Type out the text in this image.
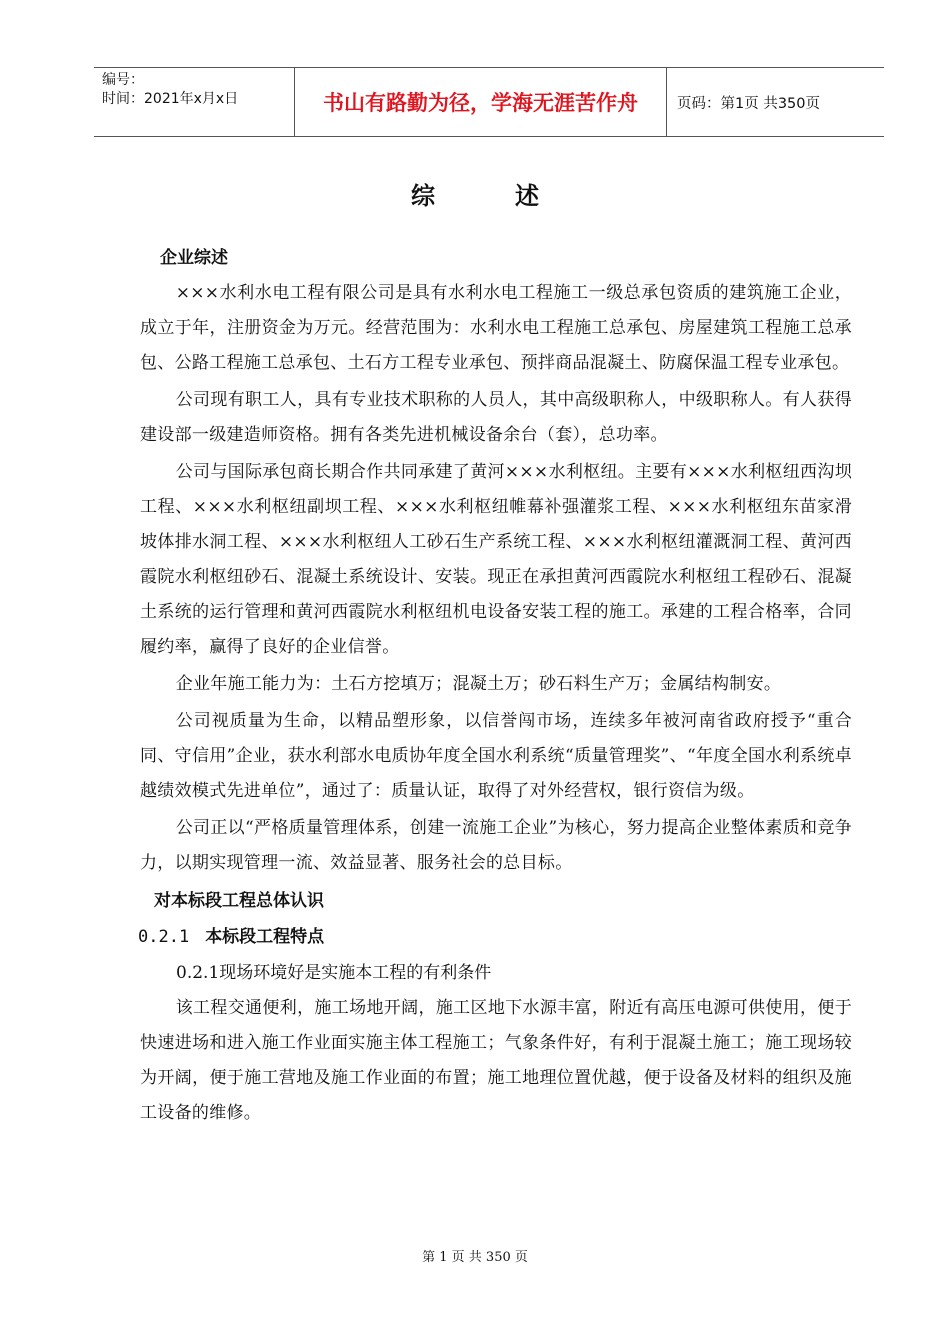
编号：
时间：2021年x月x日	书山有路勤为径，学海无涯苦作舟	页码：第1页 共350页
综述
企业综述

×××水利水电工程有限公司是具有水利水电工程施工一级总承包资质的建筑施工企业，成立于年，注册资金为万元。经营范围为：水利水电工程施工总承包、房屋建筑工程施工总承包、公路工程施工总承包、土石方工程专业承包、预拌商品混凝土、防腐保温工程专业承包。

公司现有职工人，具有专业技术职称的人员人，其中高级职称人，中级职称人。有人获得建设部一级建造师资格。拥有各类先进机械设备余台（套），总功率。

公司与国际承包商长期合作共同承建了黄河×××水利枢纽。主要有×××水利枢纽西沟坝工程、×××水利枢纽副坝工程、×××水利枢纽帷幕补强灌浆工程、×××水利枢纽东苗家滑坡体排水洞工程、×××水利枢纽人工砂石生产系统工程、×××水利枢纽灌溉洞工程、黄河西霞院水利枢纽砂石、混凝土系统设计、安装。现正在承担黄河西霞院水利枢纽工程砂石、混凝土系统的运行管理和黄河西霞院水利枢纽机电设备安装工程的施工。承建的工程合格率，合同履约率，赢得了良好的企业信誉。

企业年施工能力为：土石方挖填万；混凝土万；砂石料生产万；金属结构制安。

公司视质量为生命，以精品塑形象，以信誉闯市场，连续多年被河南省政府授予“重合同、守信用”企业，获水利部水电质协年度全国水利系统“质量管理奖”、“年度全国水利系统卓越绩效模式先进单位”，通过了：质量认证，取得了对外经营权，银行资信为级。

公司正以“严格质量管理体系，创建一流施工企业”为核心，努力提高企业整体素质和竞争力，以期实现管理一流、效益显著、服务社会的总目标。

对本标段工程总体认识
0.2.1 本标段工程特点
0.2.1现场环境好是实施本工程的有利条件

该工程交通便利，施工场地开阔，施工区地下水源丰富，附近有高压电源可供使用，便于快速进场和进入施工作业面实施主体工程施工；气象条件好，有利于混凝土施工；施工现场较为开阔，便于施工营地及施工作业面的布置；施工地理位置优越，便于设备及材料的组织及施工设备的维修。

第 1 页 共 350 页
